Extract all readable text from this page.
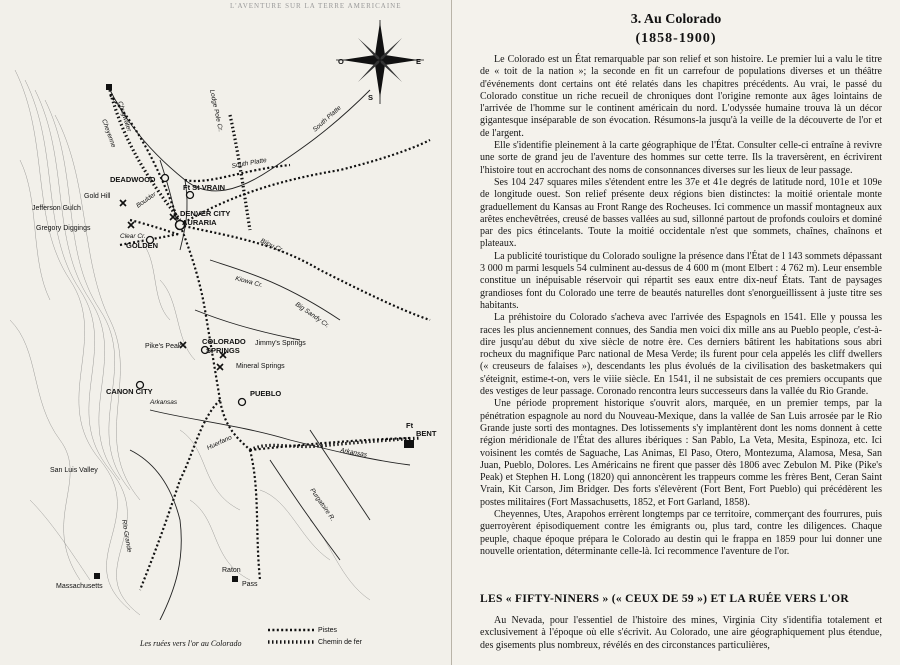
L'AVENTURE SUR LA TERRE AMERICAINE
O	E
S
Cheyenne
Chugwater	Lodge Pole Cr.	South Platte
South Platte
DEADWOOD
Ft St VRAIN
Gold Hill
Jefferson Gulch	Boulder
Gregory Diggings
DENVER CITY
AURARIA
GOLDEN
Clear Cr.
Bijou Cr.
Kiowa Cr.
Big Sandy Cr.
Pike's Peak
COLORADO
SPRINGS
Jimmy's Springs
Mineral Springs
CANON CITY	PUEBLO
Arkansas
Arkansas
Ft
BENT
San Luis Valley
Massachusetts
Raton
Pass
Purgatoire R.
Huerfano
Rio Grande
Pistes
Chemin de fer
Les ruées vers l'or au Colorado
3. Au Colorado
(1858-1900)

Le Colorado est un État remarquable par son relief et son histoire. Le premier lui a valu le titre de « toit de la nation »; la seconde en fit un carrefour de populations diverses et un théâtre d'événements dont certains ont été relatés dans les chapitres précédents. Au vrai, le passé du Colorado constitue un riche recueil de chroniques dont l'origine remonte aux âges lointains de l'arrivée de l'homme sur le continent américain du nord. L'odyssée humaine trouva là un décor gigantesque inséparable de son évocation. Résumons-la jusqu'à la veille de la découverte de l'or et de l'argent.

Elle s'identifie pleinement à la carte géographique de l'État. Consulter celle-ci entraîne à revivre une sorte de grand jeu de l'aventure des hommes sur cette terre. Ils la traversèrent, en écrivirent l'histoire tout en accrochant des noms de consonnances diverses sur les lieux de leur passage.

Ses 104 247 squares miles s'étendent entre les 37e et 41e degrés de latitude nord, 101e et 109e de longitude ouest. Son relief présente deux régions bien distinctes: la moitié orientale monte graduellement du Kansas au Front Range des Rocheuses. Ici commence un massif montagneux aux arêtes enchevêtrées, creusé de basses vallées au sud, sillonné partout de profonds couloirs et dominé par des pics étincelants. Toute la moitié occidentale n'est que sommets, chaînes, chaînons et plateaux.

La publicité touristique du Colorado souligne la présence dans l'État de l 143 sommets dépassant 3 000 m parmi lesquels 54 culminent au-dessus de 4 600 m (mont Elbert : 4 762 m). Leur ensemble constitue un inépuisable réservoir qui répartit ses eaux entre dix-neuf États. Tant de paysages grandioses font du Colorado une terre de beautés naturelles dont s'enorgueillissent à juste titre ses habitants.

La préhistoire du Colorado s'acheva avec l'arrivée des Espagnols en 1541. Elle y poussa les races les plus anciennement connues, des Sandia men voici dix mille ans au Pueblo people, c'est-à-dire jusqu'au début du xive siècle de notre ère. Ces derniers bâtirent les habitations sous abri rocheux du magnifique Parc national de Mesa Verde; ils furent pour cela appelés les cliff dwellers (« creuseurs de falaises »), descendants les plus évolués de la civilisation des basketmakers qui s'éteignit, estime-t-on, vers le viiie siècle. En 1541, il ne subsistait de ces premiers occupants que des vestiges de leur passage. Coronado rencontra leurs successeurs dans la vallée du Rio Grande.

Une période proprement historique s'ouvrit alors, marquée, en un premier temps, par la pénétration espagnole au nord du Nouveau-Mexique, dans la vallée de San Luis arrosée par le Rio Grande juste sorti des montagnes. Des lotissements s'y implantèrent dont les noms donnent à cette région méridionale de l'État des allures ibériques : San Pablo, La Veta, Mesita, Espinoza, etc. Ici voisinent les comtés de Saguache, Las Animas, El Paso, Otero, Montezuma, Alamosa, Mesa, San Juan, Pueblo, Dolores. Les Américains ne firent que passer dès 1806 avec Zebulon M. Pike (Pike's Peak) et Stephen H. Long (1820) qui annoncèrent les trappeurs comme les frères Bent, Ceran Saint Vrain, Kit Carson, Jim Bridger. Des forts s'élevèrent (Fort Bent, Fort Pueblo) qui précédèrent les postes militaires (Fort Massachusetts, 1852, et Fort Garland, 1858).

Cheyennes, Utes, Arapohos errèrent longtemps par ce territoire, commerçant des fourrures, puis guerroyèrent épisodiquement contre les émigrants ou, plus tard, contre les diligences. Chaque peuple, chaque époque prépara le Colorado au destin qui le frappa en 1859 pour lui donner une nouvelle orientation, déterminante celle-là. Ici recommence l'aventure de l'or.

LES « FIFTY-NINERS » (« CEUX DE 59 ») ET LA RUÉE VERS L'OR

Au Nevada, pour l'essentiel de l'histoire des mines, Virginia City s'identifia totalement et exclusivement à l'époque où elle s'écrivit. Au Colorado, une aire géographiquement plus étendue, des gisements plus nombreux, révélés en des circonstances particulières,
